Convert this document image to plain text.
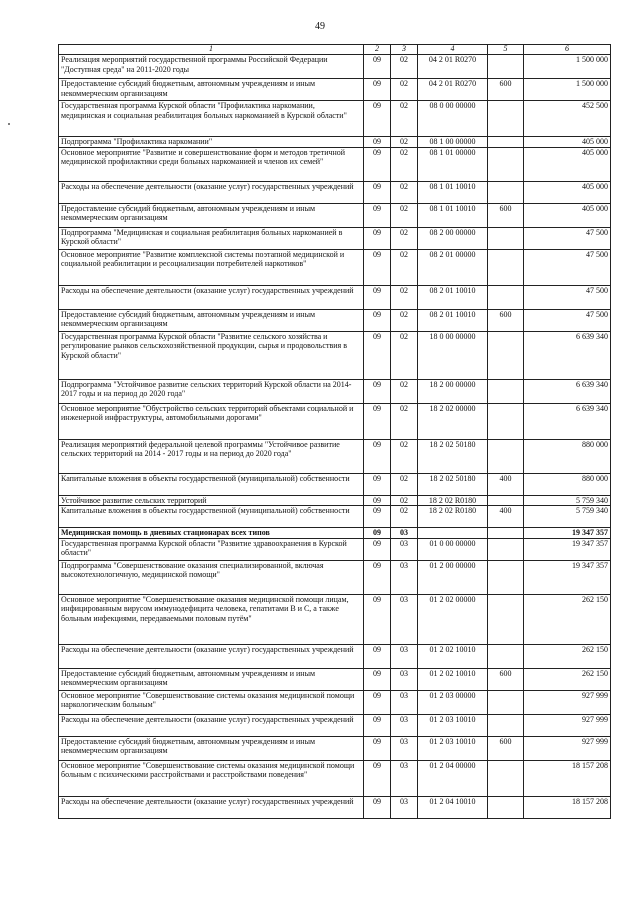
49
1	2	3	4	5	6
Реализация мероприятий государственной программы Российской Федерации "Доступная среда" на 2011-2020 годы	09	02	04 2 01 R0270		1 500 000
Предоставление субсидий бюджетным, автономным учреждениям и иным некоммерческим организациям	09	02	04 2 01 R0270	600	1 500 000
Государственная программа Курской области "Профилактика наркомании, медицинская и социальная реабилитация больных наркоманией в Курской области"	09	02	08 0 00 00000		452 500
Подпрограмма "Профилактика наркомании"	09	02	08 1 00 00000		405 000
Основное мероприятие "Развитие и совершенствование форм и методов третичной медицинской профилактики среди больных наркоманией и членов их семей"	09	02	08 1 01 00000		405 000
Расходы на обеспечение деятельности (оказание услуг) государственных учреждений	09	02	08 1 01 10010		405 000
Предоставление субсидий бюджетным, автономным учреждениям и иным некоммерческим организациям	09	02	08 1 01 10010	600	405 000
Подпрограмма "Медицинская и социальная реабилитация больных наркоманией в Курской области"	09	02	08 2 00 00000		47 500
Основное мероприятие "Развитие комплексной системы поэтапной медицинской и социальной реабилитации и ресоциализации потребителей наркотиков"	09	02	08 2 01 00000		47 500
Расходы на обеспечение деятельности (оказание услуг) государственных учреждений	09	02	08 2 01 10010		47 500
Предоставление субсидий бюджетным, автономным учреждениям и иным некоммерческим организациям	09	02	08 2 01 10010	600	47 500
Государственная программа Курской области "Развитие сельского хозяйства и регулирование рынков сельскохозяйственной продукции, сырья и продовольствия в Курской области"	09	02	18 0 00 00000		6 639 340
Подпрограмма "Устойчивое развитие сельских территорий Курской области на 2014-2017 годы и на период до 2020 года"	09	02	18 2 00 00000		6 639 340
Основное мероприятие "Обустройство сельских территорий объектами социальной и инженерной инфраструктуры, автомобильными дорогами"	09	02	18 2 02 00000		6 639 340
Реализация мероприятий федеральной целевой программы "Устойчивое развитие сельских территорий на 2014 - 2017 годы и на период до 2020 года"	09	02	18 2 02 50180		880 000
Капитальные вложения в объекты государственной (муниципальной) собственности	09	02	18 2 02 50180	400	880 000
Устойчивое развитие сельских территорий	09	02	18 2 02 R0180		5 759 340
Капитальные вложения в объекты государственной (муниципальной) собственности	09	02	18 2 02 R0180	400	5 759 340
Медицинская помощь в дневных стационарах всех типов	09	03			19 347 357
Государственная программа Курской области "Развитие здравоохранения в Курской области"	09	03	01 0 00 00000		19 347 357
Подпрограмма "Совершенствование оказания специализированной, включая высокотехнологичную, медицинской помощи"	09	03	01 2 00 00000		19 347 357
Основное мероприятие "Совершенствование оказания медицинской помощи лицам, инфицированным вирусом иммунодефицита человека, гепатитами В и С, а также больным инфекциями, передаваемыми половым путём"	09	03	01 2 02 00000		262 150
Расходы на обеспечение деятельности (оказание услуг) государственных учреждений	09	03	01 2 02 10010		262 150
Предоставление субсидий бюджетным, автономным учреждениям и иным некоммерческим организациям	09	03	01 2 02 10010	600	262 150
Основное мероприятие "Совершенствование системы оказания медицинской помощи наркологическим больным"	09	03	01 2 03 00000		927 999
Расходы на обеспечение деятельности (оказание услуг) государственных учреждений	09	03	01 2 03 10010		927 999
Предоставление субсидий бюджетным, автономным учреждениям и иным некоммерческим организациям	09	03	01 2 03 10010	600	927 999
Основное мероприятие "Совершенствование системы оказания медицинской помощи больным с психическими расстройствами и расстройствами поведения"	09	03	01 2 04 00000		18 157 208
Расходы на обеспечение деятельности (оказание услуг) государственных учреждений	09	03	01 2 04 10010		18 157 208
